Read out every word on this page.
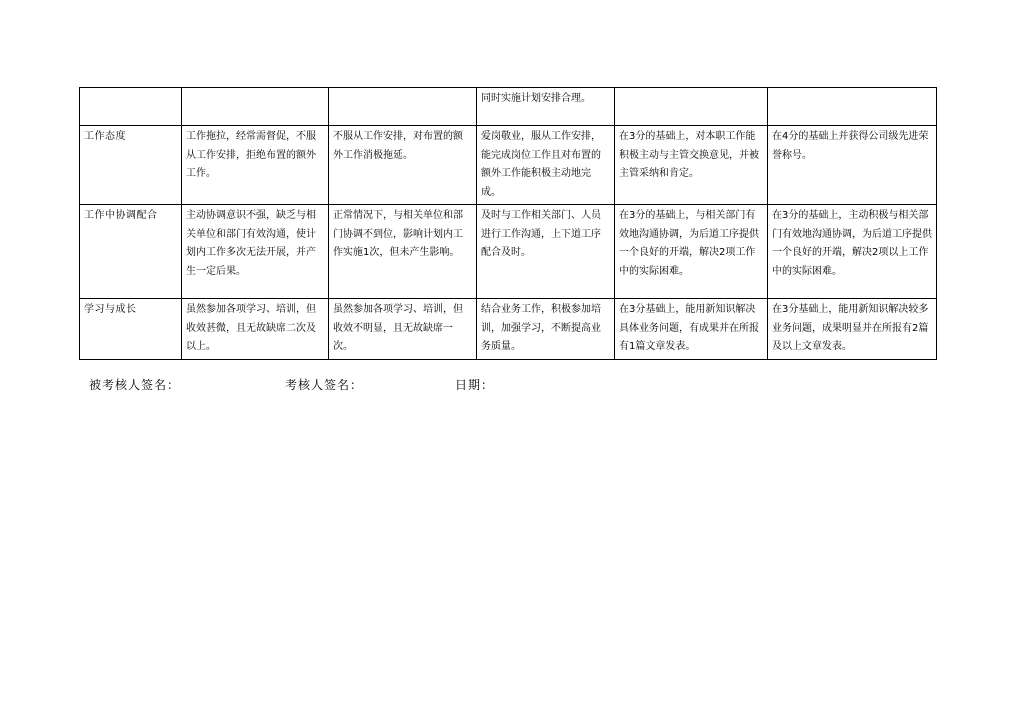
			同时实施计划安排合理。		
工作态度	工作拖拉，经常需督促，不服从工作安排，拒绝布置的额外工作。	不服从工作安排，对布置的额外工作消极拖延。	爱岗敬业，服从工作安排，能完成岗位工作且对布置的额外工作能积极主动地完成。	在3分的基础上，对本职工作能积极主动与主管交换意见，并被主管采纳和肯定。	在4分的基础上并获得公司级先进荣誉称号。
工作中协调配合	主动协调意识不强，缺乏与相关单位和部门有效沟通，使计划内工作多次无法开展，并产生一定后果。	正常情况下，与相关单位和部门协调不到位，影响计划内工作实施1次，但未产生影响。	及时与工作相关部门、人员进行工作沟通，上下道工序配合及时。	在3分的基础上，与相关部门有效地沟通协调，为后道工序提供一个良好的开端，解决2项工作中的实际困难。	在3分的基础上，主动积极与相关部门有效地沟通协调，为后道工序提供一个良好的开端，解决2项以上工作中的实际困难。
学习与成长	虽然参加各项学习、培训，但收效甚微，且无故缺席二次及以上。	虽然参加各项学习、培训，但收效不明显，且无故缺席一次。	结合业务工作，积极参加培训，加强学习，不断提高业务质量。	在3分基础上，能用新知识解决具体业务问题，有成果并在所报有1篇文章发表。	在3分基础上，能用新知识解决较多业务问题，成果明显并在所报有2篇及以上文章发表。
被考核人签名：	考核人签名：	日期：
